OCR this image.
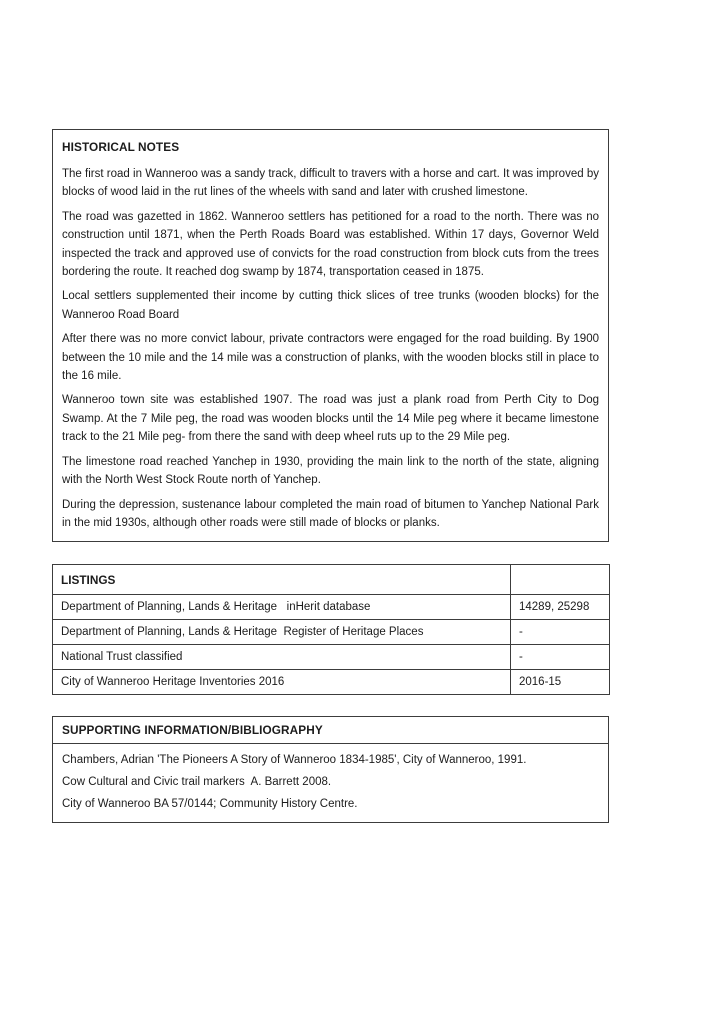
HISTORICAL NOTES

The first road in Wanneroo was a sandy track, difficult to travers with a horse and cart. It was improved by blocks of wood laid in the rut lines of the wheels with sand and later with crushed limestone.

The road was gazetted in 1862. Wanneroo settlers has petitioned for a road to the north. There was no construction until 1871, when the Perth Roads Board was established. Within 17 days, Governor Weld inspected the track and approved use of convicts for the road construction from block cuts from the trees bordering the route. It reached dog swamp by 1874, transportation ceased in 1875.

Local settlers supplemented their income by cutting thick slices of tree trunks (wooden blocks) for the Wanneroo Road Board

After there was no more convict labour, private contractors were engaged for the road building. By 1900 between the 10 mile and the 14 mile was a construction of planks, with the wooden blocks still in place to the 16 mile.

Wanneroo town site was established 1907. The road was just a plank road from Perth City to Dog Swamp. At the 7 Mile peg, the road was wooden blocks until the 14 Mile peg where it became limestone track to the 21 Mile peg- from there the sand with deep wheel ruts up to the 29 Mile peg.

The limestone road reached Yanchep in 1930, providing the main link to the north of the state, aligning with the North West Stock Route north of Yanchep.

During the depression, sustenance labour completed the main road of bitumen to Yanchep National Park in the mid 1930s, although other roads were still made of blocks or planks.

LISTINGS	
Department of Planning, Lands & Heritage   inHerit database	14289, 25298
Department of Planning, Lands & Heritage  Register of Heritage Places	-
National Trust classified	-
City of Wanneroo Heritage Inventories 2016	2016-15
SUPPORTING INFORMATION/BIBLIOGRAPHY

Chambers, Adrian 'The Pioneers A Story of Wanneroo 1834-1985', City of Wanneroo, 1991.

Cow Cultural and Civic trail markers  A. Barrett 2008.

City of Wanneroo BA 57/0144; Community History Centre.
